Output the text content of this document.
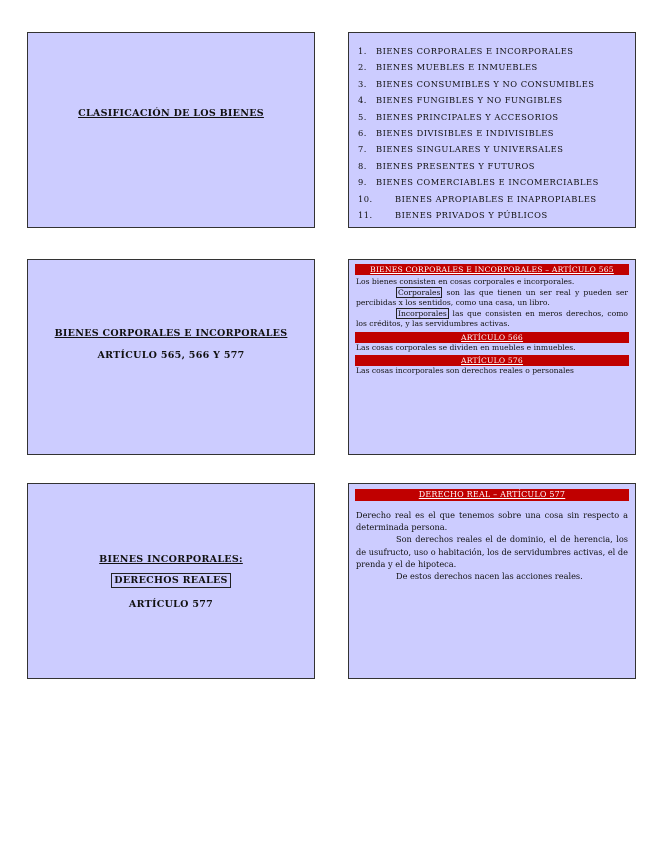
CLASIFICACIÓN DE LOS BIENES
1. BIENES CORPORALES E INCORPORALES
2. BIENES MUEBLES E INMUEBLES
3. BIENES CONSUMIBLES Y NO CONSUMIBLES
4. BIENES FUNGIBLES Y NO FUNGIBLES
5. BIENES PRINCIPALES Y ACCESORIOS
6. BIENES DIVISIBLES E INDIVISIBLES
7. BIENES SINGULARES Y UNIVERSALES
8. BIENES PRESENTES Y FUTUROS
9. BIENES COMERCIABLES E INCOMERCIABLES
10.	BIENES APROPIABLES E INAPROPIABLES
11.	BIENES PRIVADOS Y PÚBLICOS
BIENES CORPORALES E INCORPORALES
ARTÍCULO 565, 566 Y 577
BIENES CORPORALES E INCORPORALES – ARTÍCULO 565
Los bienes consisten en cosas corporales e incorporales.
Corporales son las que tienen un ser real y pueden ser percibidas x los sentidos, como una casa, un libro.
Incorporales las que consisten en meros derechos, como los créditos, y las servidumbres activas.
ARTÍCULO 566
Las cosas corporales se dividen en muebles e inmuebles.
ARTÍCULO 576
Las cosas incorporales son derechos reales o personales
BIENES INCORPORALES:
DERECHOS REALES
ARTÍCULO 577
DERECHO REAL – ARTÍCULO 577

Derecho real es el que tenemos sobre una cosa sin respecto a determinada persona.

Son derechos reales el de dominio, el de herencia, los de usufructo, uso o habitación, los de servidumbres activas, el de prenda y el de hipoteca.

De estos derechos nacen las acciones reales.
